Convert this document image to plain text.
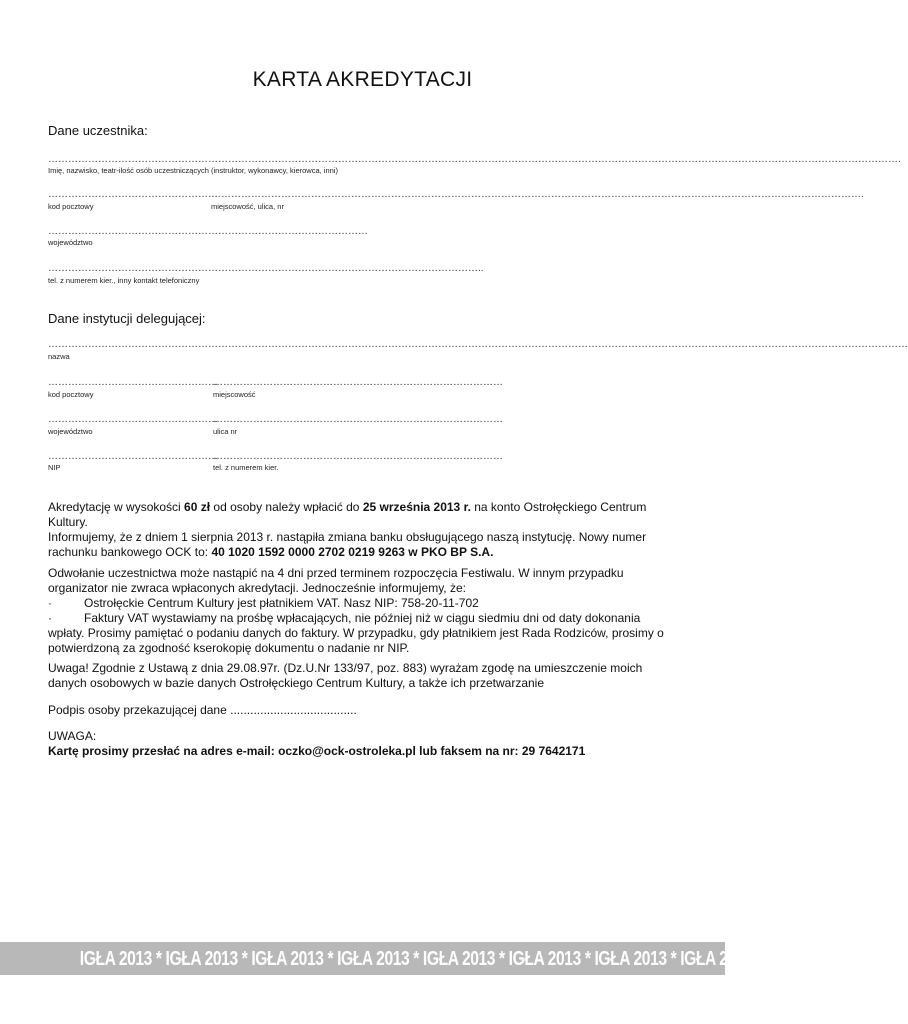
KARTA AKREDYTACJI
Dane uczestnika:
………………………………………………………………………………………………………………………………………………………………………………………………………………………………….
Imię, nazwisko, teatr-ilość osób uczestniczących (instruktor, wykonawcy, kierowca, inni)
……………………………………………
kod pocztowy
…………………………………………………………………………………………………………………………………………………………………………….
miejscowość, ulica, nr
……………………………………………………………………………………
województwo
…………………………………………………………………………………………………………………..
tel. z numerem kier., inny kontakt telefoniczny
Dane instytucji delegującej:
……………………………………………………………………………………………………………………………………………………………………………………………………………………………………
nazwa
……………………………………………
kod pocztowy
……………………………………………………………………………
miejscowość
……………………………………………
województwo
……………………………………………………………………………
ulica nr
……………………………………………
NIP
……………………………………………………………………………
tel. z numerem kier.

Akredytację w wysokości 60 zł od osoby należy wpłacić do 25 września 2013 r. na konto Ostrołęckiego Centrum Kultury.

Informujemy, że z dniem 1 sierpnia 2013 r. nastąpiła zmiana banku obsługującego naszą instytucję. Nowy numer rachunku bankowego OCK to: 40 1020 1592 0000 2702 0219 9263 w PKO BP S.A.

Odwołanie uczestnictwa może nastąpić na 4 dni przed terminem rozpoczęcia Festiwalu. W innym przypadku organizator nie zwraca wpłaconych akredytacji. Jednocześnie informujemy, że:

·	Ostrołęckie Centrum Kultury jest płatnikiem VAT. Nasz NIP: 758-20-11-702

·	Faktury VAT wystawiamy na prośbę wpłacających, nie później niż w ciągu siedmiu dni od daty dokonania wpłaty. Prosimy pamiętać o podaniu danych do faktury. W przypadku, gdy płatnikiem jest Rada Rodziców, prosimy o potwierdzoną za zgodność kserokopię dokumentu o nadanie nr NIP.

Uwaga! Zgodnie z Ustawą z dnia 29.08.97r. (Dz.U.Nr 133/97, poz. 883) wyrażam zgodę na umieszczenie moich danych osobowych w bazie danych Ostrołęckiego Centrum Kultury, a także ich przetwarzanie
Podpis osoby przekazującej dane ......................................

UWAGA:

Kartę prosimy przesłać na adres e-mail: oczko@ock-ostroleka.pl lub faksem na nr: 29 7642171

IGŁA 2013 * IGŁA 2013 * IGŁA 2013 * IGŁA 2013 * IGŁA 2013 * IGŁA 2013 * IGŁA 2013 * IGŁA 2013
